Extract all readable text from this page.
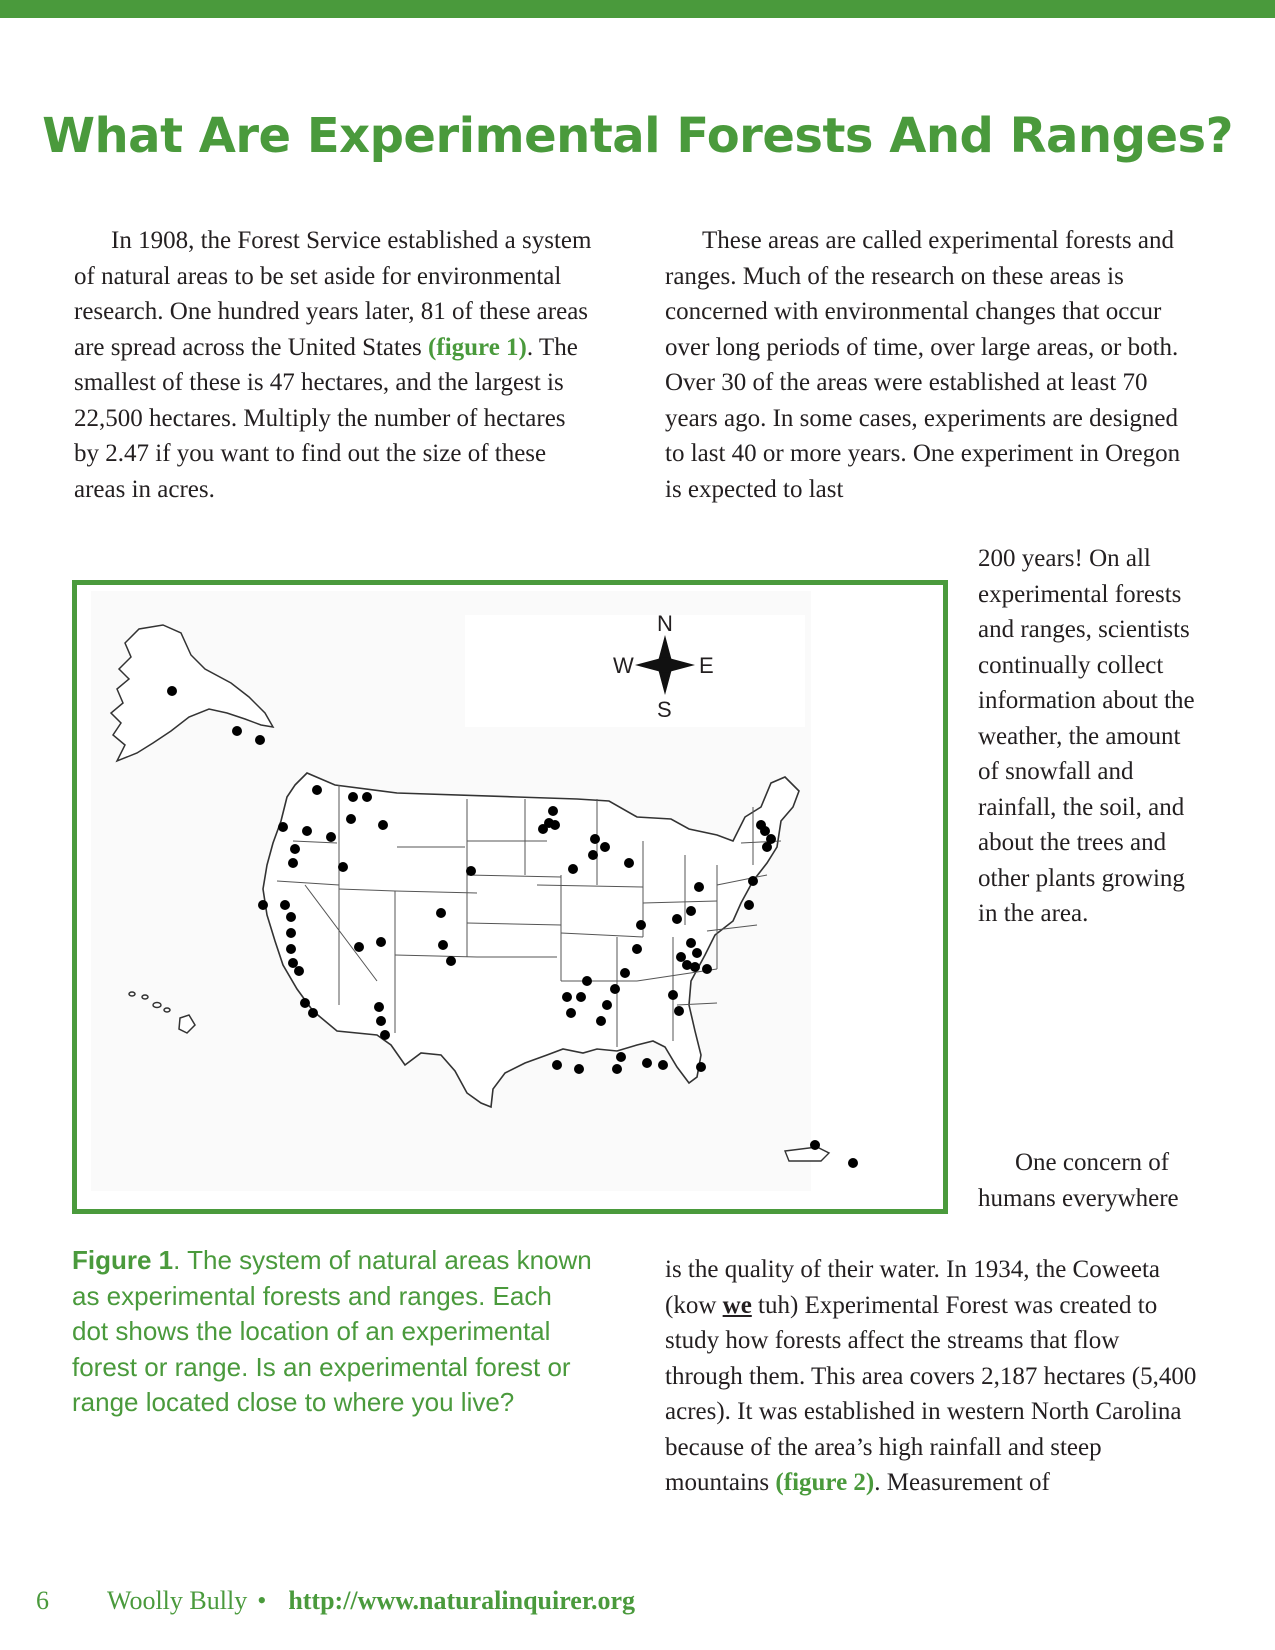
What Are Experimental Forests And Ranges?

In 1908, the Forest Service established a system of natural areas to be set aside for environmental research. One hundred years later, 81 of these areas are spread across the United States (figure 1). The smallest of these is 47 hectares, and the largest is 22,500 hectares. Multiply the number of hectares by 2.47 if you want to find out the size of these areas in acres.

These areas are called experimental forests and ranges. Much of the research on these areas is concerned with environmental changes that occur over long periods of time, over large areas, or both. Over 30 of the areas were established at least 70 years ago. In some cases, experiments are designed to last 40 or more years. One experiment in Oregon is expected to last

200 years! On all experimental forests and ranges, scientists continually collect information about the weather, the amount of snowfall and rainfall, the soil, and about the trees and other plants growing in the area.

One concern of humans everywhere

is the quality of their water. In 1934, the Coweeta (kow we tuh) Experimental Forest was created to study how forests affect the streams that flow through them. This area covers 2,187 hectares (5,400 acres). It was established in western North Carolina because of the area’s high rainfall and steep mountains (figure 2). Measurement of

N
W	E
S

Figure 1. The system of natural areas known as experimental forests and ranges. Each dot shows the location of an experimental forest or range. Is an experimental forest or range located close to where you live?

6 Woolly Bully • http://www.naturalinquirer.org
